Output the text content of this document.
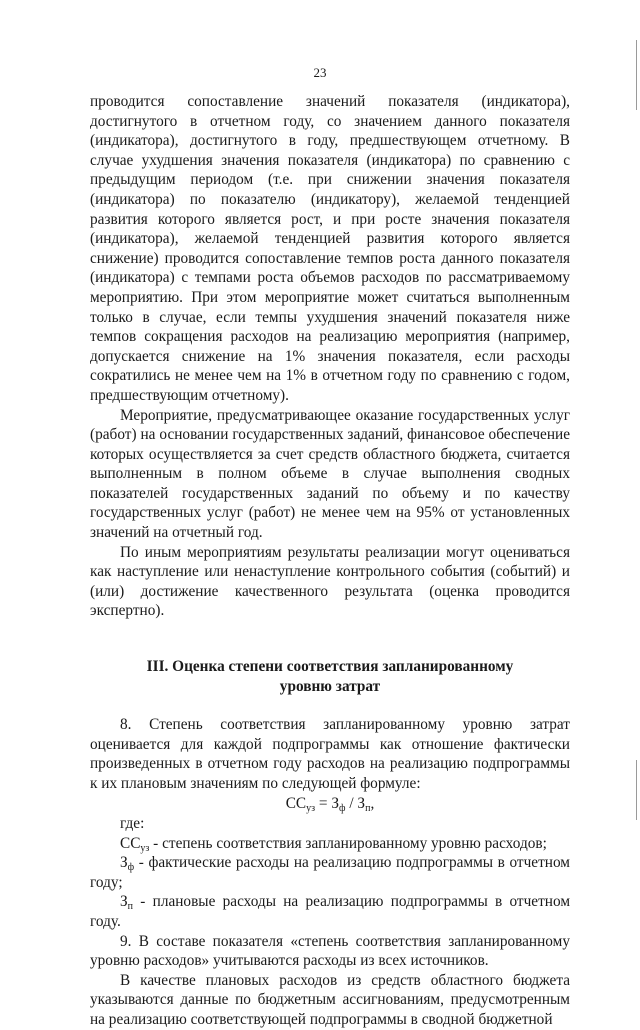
23

проводится сопоставление значений показателя (индикатора), достигнутого в отчетном году, со значением данного показателя (индикатора), достигнутого в году, предшествующем отчетному. В случае ухудшения значения показателя (индикатора) по сравнению с предыдущим периодом (т.е. при снижении значения показателя (индикатора) по показателю (индикатору), желаемой тенденцией развития которого является рост, и при росте значения показателя (индикатора), желаемой тенденцией развития которого является снижение) проводится сопоставление темпов роста данного показателя (индикатора) с темпами роста объемов расходов по рассматриваемому мероприятию. При этом мероприятие может считаться выполненным только в случае, если темпы ухудшения значений показателя ниже темпов сокращения расходов на реализацию мероприятия (например, допускается снижение на 1% значения показателя, если расходы сократились не менее чем на 1% в отчетном году по сравнению с годом, предшествующим отчетному).

Мероприятие, предусматривающее оказание государственных услуг (работ) на основании государственных заданий, финансовое обеспечение которых осуществляется за счет средств областного бюджета, считается выполненным в полном объеме в случае выполнения сводных показателей государственных заданий по объему и по качеству государственных услуг (работ) не менее чем на 95% от установленных значений на отчетный год.

По иным мероприятиям результаты реализации могут оцениваться как наступление или ненаступление контрольного события (событий) и (или) достижение качественного результата (оценка проводится экспертно).

III. Оценка степени соответствия запланированному
уровню затрат

8. Степень соответствия запланированному уровню затрат оценивается для каждой подпрограммы как отношение фактически произведенных в отчетном году расходов на реализацию подпрограммы к их плановым значениям по следующей формуле:

$СС_{уз} = З_ф / З_п$,

где:

$СС_{уз}$ - степень соответствия запланированному уровню расходов;

$З_ф$ - фактические расходы на реализацию подпрограммы в отчетном году;

$З_п$ - плановые расходы на реализацию подпрограммы в отчетном году.

9. В составе показателя «степень соответствия запланированному уровню расходов» учитываются расходы из всех источников.

В качестве плановых расходов из средств областного бюджета указываются данные по бюджетным ассигнованиям, предусмотренным на реализацию соответствующей подпрограммы в сводной бюджетной
